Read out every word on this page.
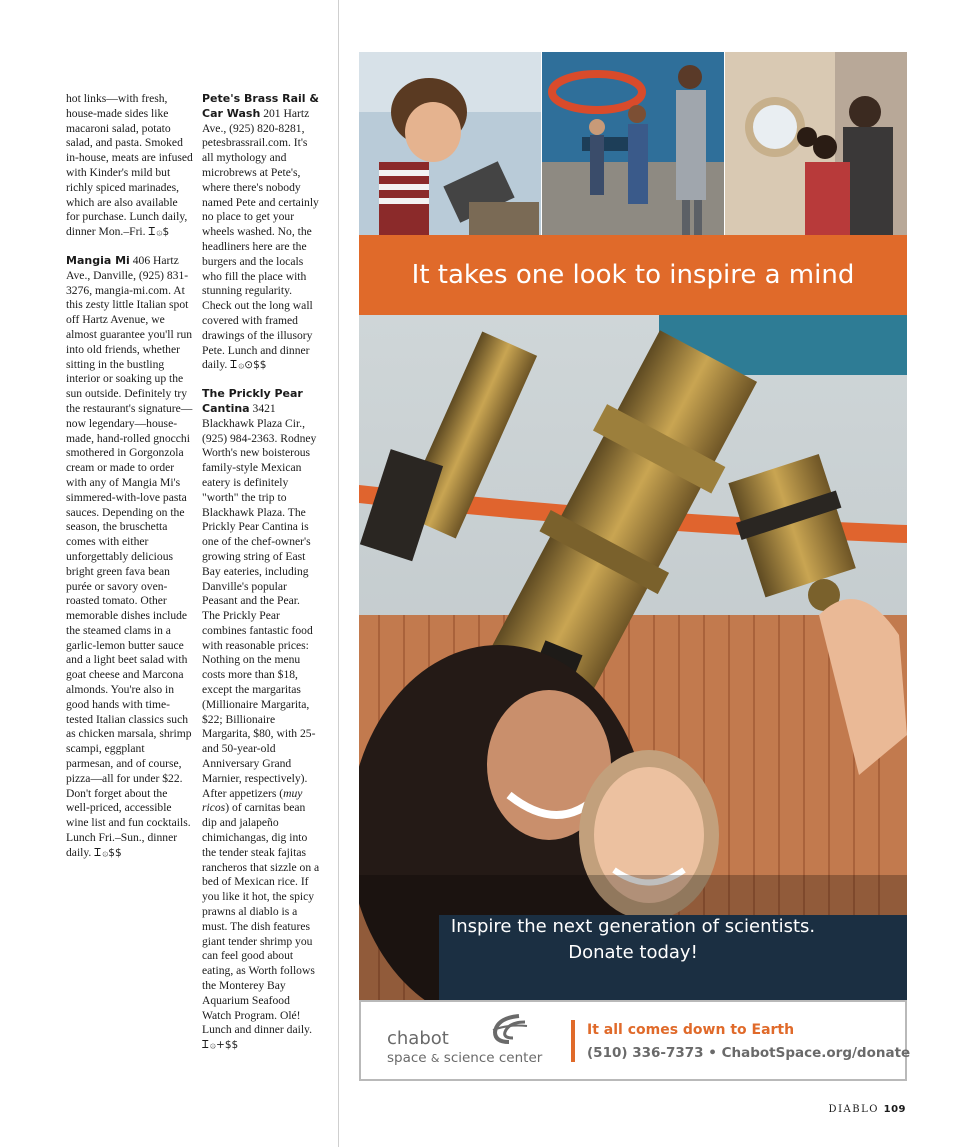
hot links—with fresh, house-made sides like macaroni salad, potato salad, and pasta. Smoked in-house, meats are infused with Kinder's mild but richly spiced marinades, which are also available for purchase. Lunch daily, dinner Mon.–Fri. Ꮖ۞$

Mangia Mi 406 Hartz Ave., Danville, (925) 831-3276, mangia-mi.com. At this zesty little Italian spot off Hartz Avenue, we almost guarantee you'll run into old friends, whether sitting in the bustling interior or soaking up the sun outside. Definitely try the restaurant's signature—now legendary—house-made, hand-rolled gnocchi smothered in Gorgonzola cream or made to order with any of Mangia Mi's simmered-with-love pasta sauces. Depending on the season, the bruschetta comes with either unforgettably delicious bright green fava bean purée or savory oven-roasted tomato. Other memorable dishes include the steamed clams in a garlic-lemon butter sauce and a light beet salad with goat cheese and Marcona almonds. You're also in good hands with time-tested Italian classics such as chicken marsala, shrimp scampi, eggplant parmesan, and of course, pizza—all for under $22. Don't forget about the well-priced, accessible wine list and fun cocktails. Lunch Fri.–Sun., dinner daily. Ꮖ۞$$

Pete's Brass Rail & Car Wash 201 Hartz Ave., (925) 820-8281, petesbrassrail.com. It's all mythology and microbrews at Pete's, where there's nobody named Pete and certainly no place to get your wheels washed. No, the headliners here are the burgers and the locals who fill the place with stunning regularity. Check out the long wall covered with framed drawings of the illusory Pete. Lunch and dinner daily. Ꮖ۞⊙$$

The Prickly Pear Cantina 3421 Blackhawk Plaza Cir., (925) 984-2363. Rodney Worth's new boisterous family-style Mexican eatery is definitely "worth" the trip to Blackhawk Plaza. The Prickly Pear Cantina is one of the chef-owner's growing string of East Bay eateries, including Danville's popular Peasant and the Pear. The Prickly Pear combines fantastic food with reasonable prices: Nothing on the menu costs more than $18, except the margaritas (Millionaire Margarita, $22; Billionaire Margarita, $80, with 25- and 50-year-old Anniversary Grand Marnier, respectively). After appetizers (muy ricos) of carnitas bean dip and jalapeño chimichangas, dig into the tender steak fajitas rancheros that sizzle on a bed of Mexican rice. If you like it hot, the spicy prawns al diablo is a must. The dish features giant tender shrimp you can feel good about eating, as Worth follows the Monterey Bay Aquarium Seafood Watch Program. Olé! Lunch and dinner daily. Ꮖ۞+$$

It takes one look to inspire a mind
Inspire the next generation of scientists.
Donate today!
chabot
space & science center
It all comes down to Earth
(510) 336-7373 • ChabotSpace.org/donate
DIABLO 109
